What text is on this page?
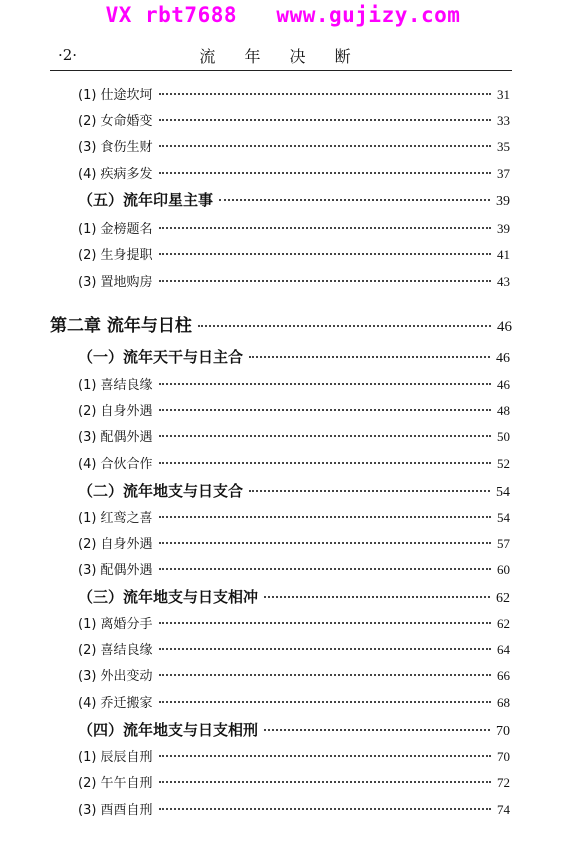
VX rbt7688   www.gujizy.com
·2·	流 年 决 断
(1) 仕途坎坷	31
(2) 女命婚变	33
(3) 食伤生财	35
(4) 疾病多发	37
（五）流年印星主事	39
(1) 金榜题名	39
(2) 生身提职	41
(3) 置地购房	43
第二章 流年与日柱	46
（一）流年天干与日主合	46
(1) 喜结良缘	46
(2) 自身外遇	48
(3) 配偶外遇	50
(4) 合伙合作	52
（二）流年地支与日支合	54
(1) 红鸾之喜	54
(2) 自身外遇	57
(3) 配偶外遇	60
（三）流年地支与日支相冲	62
(1) 离婚分手	62
(2) 喜结良缘	64
(3) 外出变动	66
(4) 乔迁搬家	68
（四）流年地支与日支相刑	70
(1) 辰辰自刑	70
(2) 午午自刑	72
(3) 酉酉自刑	74
